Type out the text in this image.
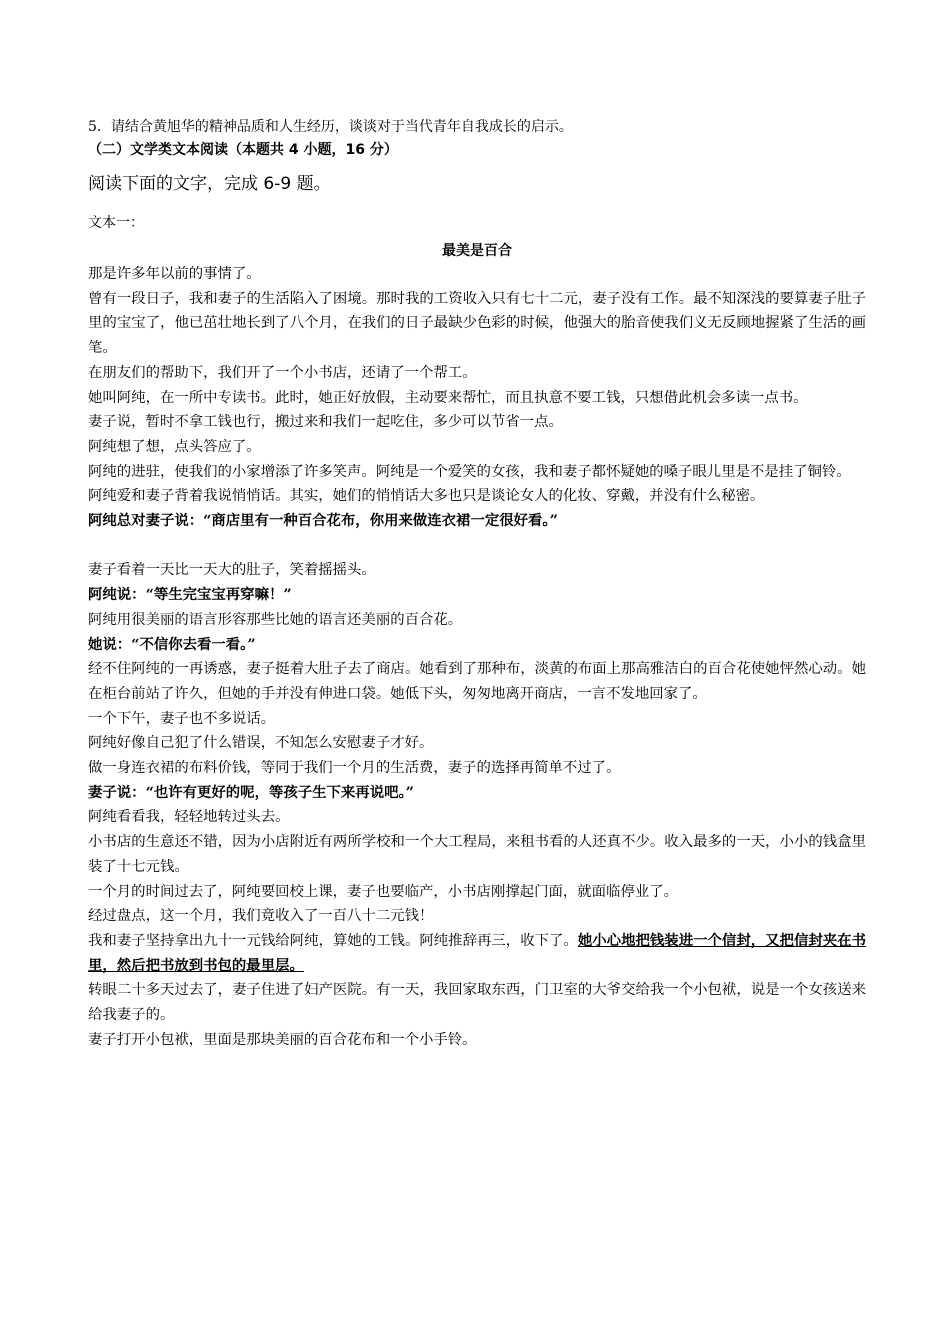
5．请结合黄旭华的精神品质和人生经历，谈谈对于当代青年自我成长的启示。

（二）文学类文本阅读（本题共 4 小题，16 分）

阅读下面的文字，完成 6-9 题。

文本一：

最美是百合

那是许多年以前的事情了。

曾有一段日子，我和妻子的生活陷入了困境。那时我的工资收入只有七十二元，妻子没有工作。最不知深浅的要算妻子肚子里的宝宝了，他已茁壮地长到了八个月，在我们的日子最缺少色彩的时候，他强大的胎音使我们义无反顾地握紧了生活的画笔。

在朋友们的帮助下，我们开了一个小书店，还请了一个帮工。

她叫阿纯，在一所中专读书。此时，她正好放假，主动要来帮忙，而且执意不要工钱，只想借此机会多读一点书。

妻子说，暂时不拿工钱也行，搬过来和我们一起吃住，多少可以节省一点。

阿纯想了想，点头答应了。

阿纯的进驻，使我们的小家增添了许多笑声。阿纯是一个爱笑的女孩，我和妻子都怀疑她的嗓子眼儿里是不是挂了铜铃。

阿纯爱和妻子背着我说悄悄话。其实，她们的悄悄话大多也只是谈论女人的化妆、穿戴，并没有什么秘密。

阿纯总对妻子说：“商店里有一种百合花布，你用来做连衣裙一定很好看。”

妻子看着一天比一天大的肚子，笑着摇摇头。

阿纯说：“等生完宝宝再穿嘛！”

阿纯用很美丽的语言形容那些比她的语言还美丽的百合花。

她说：“不信你去看一看。”

经不住阿纯的一再诱惑，妻子挺着大肚子去了商店。她看到了那种布，淡黄的布面上那高雅洁白的百合花使她怦然心动。她在柜台前站了许久，但她的手并没有伸进口袋。她低下头，匆匆地离开商店，一言不发地回家了。

一个下午，妻子也不多说话。

阿纯好像自己犯了什么错误，不知怎么安慰妻子才好。

做一身连衣裙的布料价钱，等同于我们一个月的生活费，妻子的选择再简单不过了。

妻子说：“也许有更好的呢，等孩子生下来再说吧。”

阿纯看看我，轻轻地转过头去。

小书店的生意还不错，因为小店附近有两所学校和一个大工程局，来租书看的人还真不少。收入最多的一天，小小的钱盒里装了十七元钱。

一个月的时间过去了，阿纯要回校上课，妻子也要临产，小书店刚撑起门面，就面临停业了。

经过盘点，这一个月，我们竟收入了一百八十二元钱！

我和妻子坚持拿出九十一元钱给阿纯，算她的工钱。阿纯推辞再三，收下了。她小心地把钱装进一个信封，又把信封夹在书里，然后把书放到书包的最里层。

转眼二十多天过去了，妻子住进了妇产医院。有一天，我回家取东西，门卫室的大爷交给我一个小包袱，说是一个女孩送来给我妻子的。

妻子打开小包袱，里面是那块美丽的百合花布和一个小手铃。
